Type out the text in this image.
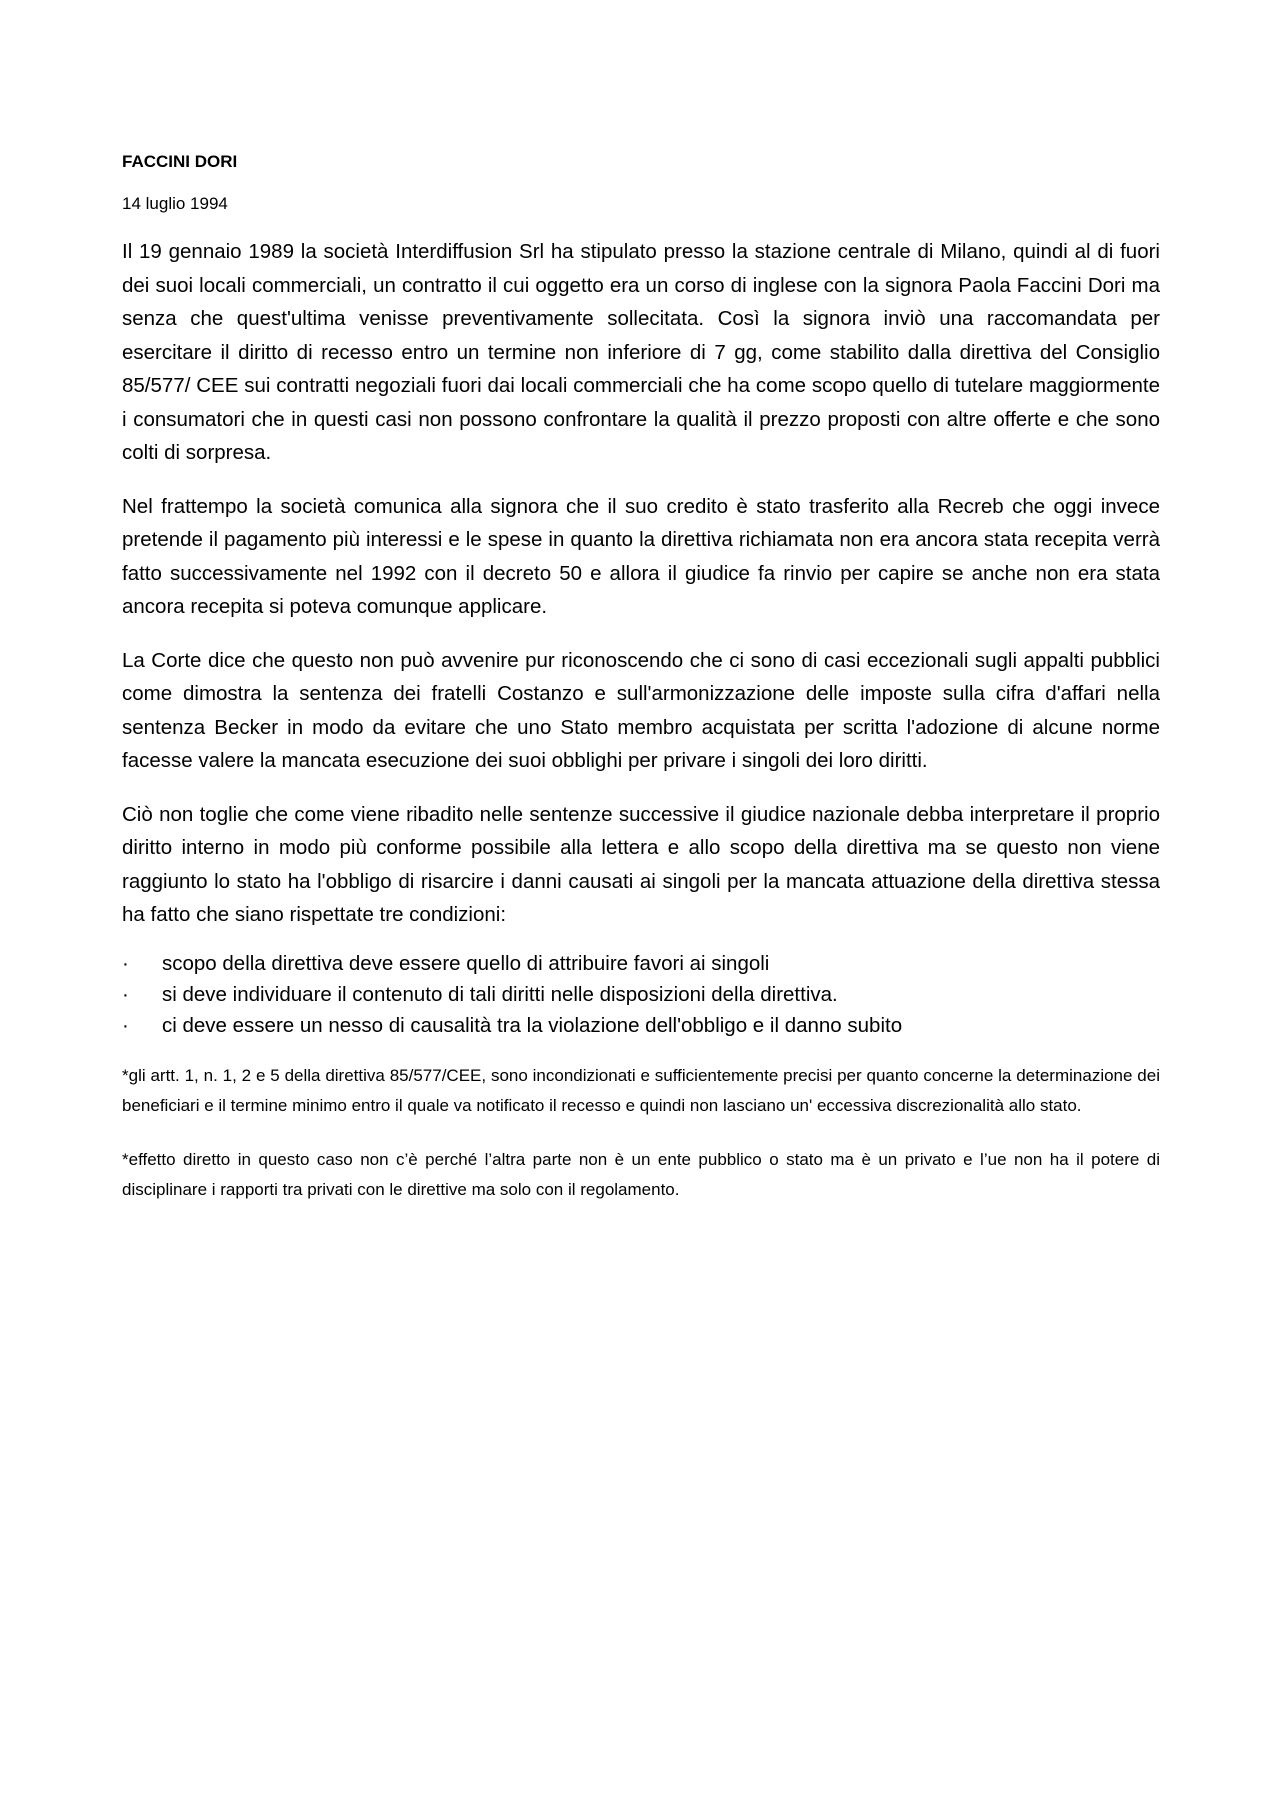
FACCINI DORI

14 luglio 1994

Il 19 gennaio 1989 la società Interdiffusion Srl ha stipulato presso la stazione centrale di Milano, quindi al di fuori dei suoi locali commerciali, un contratto il cui oggetto era un corso di inglese con la signora Paola Faccini Dori ma senza che quest'ultima venisse preventivamente sollecitata. Così la signora inviò una raccomandata per esercitare il diritto di recesso entro un termine non inferiore di 7 gg, come stabilito dalla direttiva del Consiglio 85/577/ CEE sui contratti negoziali fuori dai locali commerciali che ha come scopo quello di tutelare maggiormente i consumatori che in questi casi non possono confrontare la qualità il prezzo proposti con altre offerte e che sono colti di sorpresa.

Nel frattempo la società comunica alla signora che il suo credito è stato trasferito alla Recreb che oggi invece pretende il pagamento più interessi e le spese in quanto la direttiva richiamata non era ancora stata recepita verrà fatto successivamente nel 1992 con il decreto 50 e allora il giudice fa rinvio per capire se anche non era stata ancora recepita si poteva comunque applicare.

La Corte dice che questo non può avvenire pur riconoscendo che ci sono di casi eccezionali sugli appalti pubblici come dimostra la sentenza dei fratelli Costanzo e sull'armonizzazione delle imposte sulla cifra d'affari nella sentenza Becker in modo da evitare che uno Stato membro acquistata per scritta l'adozione di alcune norme facesse valere la mancata esecuzione dei suoi obblighi per privare i singoli dei loro diritti.

Ciò non toglie che come viene ribadito nelle sentenze successive il giudice nazionale debba interpretare il proprio diritto interno in modo più conforme possibile alla lettera e allo scopo della direttiva ma se questo non viene raggiunto lo stato ha l'obbligo di risarcire i danni causati ai singoli per la mancata attuazione della direttiva stessa ha fatto che siano rispettate tre condizioni:

· scopo della direttiva deve essere quello di attribuire favori ai singoli
· si deve individuare il contenuto di tali diritti nelle disposizioni della direttiva.
· ci deve essere un nesso di causalità tra la violazione dell'obbligo e il danno subito

*gli artt. 1, n. 1, 2 e 5 della direttiva 85/577/CEE, sono incondizionati e sufficientemente precisi per quanto concerne la determinazione dei beneficiari e il termine minimo entro il quale va notificato il recesso e quindi non lasciano un' eccessiva discrezionalità allo stato.

*effetto diretto in questo caso non c’è perché l’altra parte non è un ente pubblico o stato ma è un privato e l’ue non ha il potere di disciplinare i rapporti tra privati con le direttive ma solo con il regolamento.
